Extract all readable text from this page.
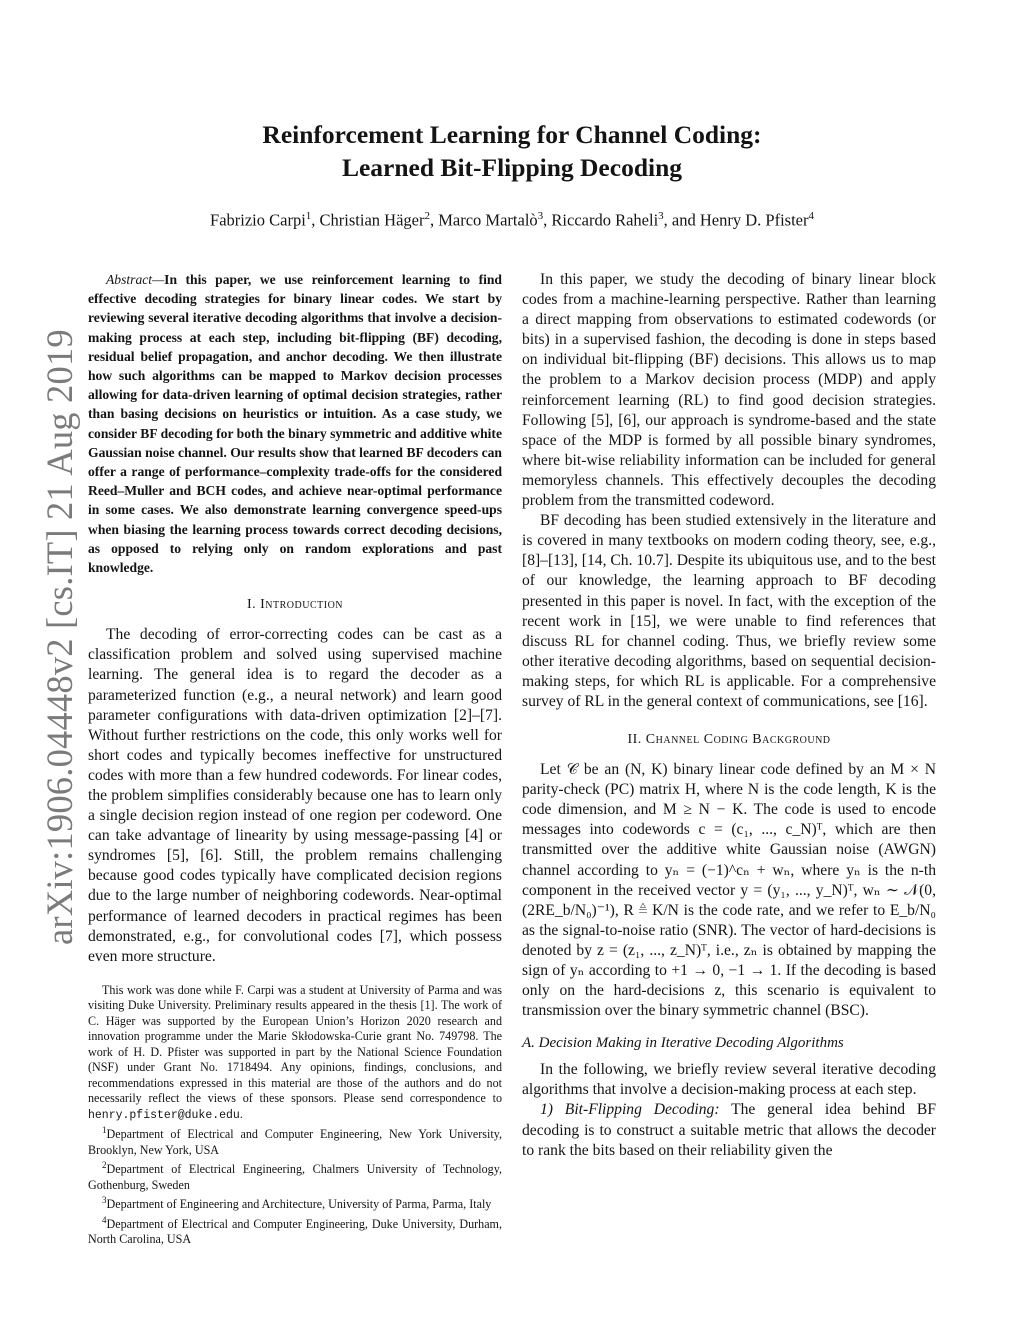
Reinforcement Learning for Channel Coding:
Learned Bit-Flipping Decoding
Fabrizio Carpi$^1$, Christian Häger$^2$, Marco Martalò$^3$, Riccardo Raheli$^3$, and Henry D. Pfister$^4$
arXiv:1906.04448v2 [cs.IT] 21 Aug 2019

Abstract—In this paper, we use reinforcement learning to find effective decoding strategies for binary linear codes. We start by reviewing several iterative decoding algorithms that involve a decision-making process at each step, including bit-flipping (BF) decoding, residual belief propagation, and anchor decoding. We then illustrate how such algorithms can be mapped to Markov decision processes allowing for data-driven learning of optimal decision strategies, rather than basing decisions on heuristics or intuition. As a case study, we consider BF decoding for both the binary symmetric and additive white Gaussian noise channel. Our results show that learned BF decoders can offer a range of performance–complexity trade-offs for the considered Reed–Muller and BCH codes, and achieve near-optimal performance in some cases. We also demonstrate learning convergence speed-ups when biasing the learning process towards correct decoding decisions, as opposed to relying only on random explorations and past knowledge.

I. Introduction

The decoding of error-correcting codes can be cast as a classification problem and solved using supervised machine learning. The general idea is to regard the decoder as a parameterized function (e.g., a neural network) and learn good parameter configurations with data-driven optimization [2]–[7]. Without further restrictions on the code, this only works well for short codes and typically becomes ineffective for unstructured codes with more than a few hundred codewords. For linear codes, the problem simplifies considerably because one has to learn only a single decision region instead of one region per codeword. One can take advantage of linearity by using message-passing [4] or syndromes [5], [6]. Still, the problem remains challenging because good codes typically have complicated decision regions due to the large number of neighboring codewords. Near-optimal performance of learned decoders in practical regimes has been demonstrated, e.g., for convolutional codes [7], which possess even more structure.

This work was done while F. Carpi was a student at University of Parma and was visiting Duke University. Preliminary results appeared in the thesis [1]. The work of C. Häger was supported by the European Union’s Horizon 2020 research and innovation programme under the Marie Skłodowska-Curie grant No. 749798. The work of H. D. Pfister was supported in part by the National Science Foundation (NSF) under Grant No. 1718494. Any opinions, findings, conclusions, and recommendations expressed in this material are those of the authors and do not necessarily reflect the views of these sponsors. Please send correspondence to henry.pfister@duke.edu.

$^1$Department of Electrical and Computer Engineering, New York University, Brooklyn, New York, USA

$^2$Department of Electrical Engineering, Chalmers University of Technology, Gothenburg, Sweden

$^3$Department of Engineering and Architecture, University of Parma, Parma, Italy

$^4$Department of Electrical and Computer Engineering, Duke University, Durham, North Carolina, USA

In this paper, we study the decoding of binary linear block codes from a machine-learning perspective. Rather than learning a direct mapping from observations to estimated codewords (or bits) in a supervised fashion, the decoding is done in steps based on individual bit-flipping (BF) decisions. This allows us to map the problem to a Markov decision process (MDP) and apply reinforcement learning (RL) to find good decision strategies. Following [5], [6], our approach is syndrome-based and the state space of the MDP is formed by all possible binary syndromes, where bit-wise reliability information can be included for general memoryless channels. This effectively decouples the decoding problem from the transmitted codeword.

BF decoding has been studied extensively in the literature and is covered in many textbooks on modern coding theory, see, e.g., [8]–[13], [14, Ch. 10.7]. Despite its ubiquitous use, and to the best of our knowledge, the learning approach to BF decoding presented in this paper is novel. In fact, with the exception of the recent work in [15], we were unable to find references that discuss RL for channel coding. Thus, we briefly review some other iterative decoding algorithms, based on sequential decision-making steps, for which RL is applicable. For a comprehensive survey of RL in the general context of communications, see [16].

II. Channel Coding Background

Let 𝒞 be an (N, K) binary linear code defined by an M × N parity-check (PC) matrix H, where N is the code length, K is the code dimension, and M ≥ N − K. The code is used to encode messages into codewords c = (c₁, ..., c_N)ᵀ, which are then transmitted over the additive white Gaussian noise (AWGN) channel according to yₙ = (−1)^cₙ + wₙ, where yₙ is the n-th component in the received vector y = (y₁, ..., y_N)ᵀ, wₙ ∼ 𝒩(0, (2RE_b/N₀)⁻¹), R ≜ K/N is the code rate, and we refer to E_b/N₀ as the signal-to-noise ratio (SNR). The vector of hard-decisions is denoted by z = (z₁, ..., z_N)ᵀ, i.e., zₙ is obtained by mapping the sign of yₙ according to +1 → 0, −1 → 1. If the decoding is based only on the hard-decisions z, this scenario is equivalent to transmission over the binary symmetric channel (BSC).

A. Decision Making in Iterative Decoding Algorithms

In the following, we briefly review several iterative decoding algorithms that involve a decision-making process at each step.

1) Bit-Flipping Decoding: The general idea behind BF decoding is to construct a suitable metric that allows the decoder to rank the bits based on their reliability given the
